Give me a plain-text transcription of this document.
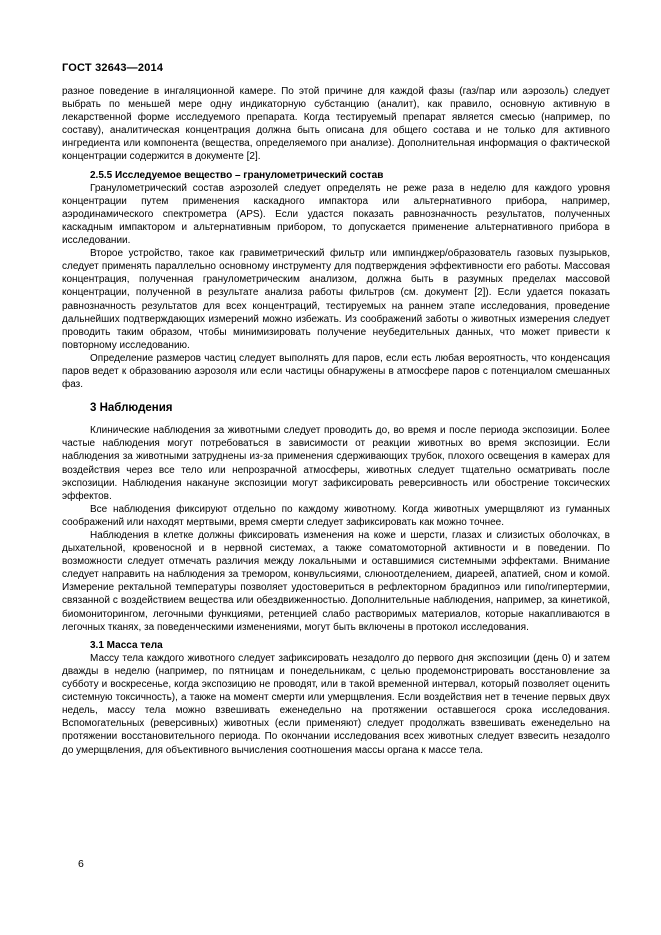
ГОСТ 32643—2014

разное поведение в ингаляционной камере. По этой причине для каждой фазы (газ/пар или аэрозоль) следует выбрать по меньшей мере одну индикаторную субстанцию (аналит), как правило, основную активную в лекарственной форме исследуемого препарата. Когда тестируемый препарат является смесью (например, по составу), аналитическая концентрация должна быть описана для общего состава и не только для активного ингредиента или компонента (вещества, определяемого при анализе). Дополнительная информация о фактической концентрации содержится в документе [2].

2.5.5 Исследуемое вещество – гранулометрический состав

Гранулометрический состав аэрозолей следует определять не реже раза в неделю для каждого уровня концентрации путем применения каскадного импактора или альтернативного прибора, например, аэродинамического спектрометра (APS). Если удастся показать равнозначность результатов, полученных каскадным импактором и альтернативным прибором, то допускается применение альтернативного прибора в исследовании.

Второе устройство, такое как гравиметрический фильтр или импинджер/образователь газовых пузырьков, следует применять параллельно основному инструменту для подтверждения эффективности его работы. Массовая концентрация, полученная гранулометрическим анализом, должна быть в разумных пределах массовой концентрации, полученной в результате анализа работы фильтров (см. документ [2]). Если удается показать равнозначность результатов для всех концентраций, тестируемых на раннем этапе исследования, проведение дальнейших подтверждающих измерений можно избежать. Из соображений заботы о животных измерения следует проводить таким образом, чтобы минимизировать получение неубедительных данных, что может привести к повторному исследованию.

Определение размеров частиц следует выполнять для паров, если есть любая вероятность, что конденсация паров ведет к образованию аэрозоля или если частицы обнаружены в атмосфере паров с потенциалом смешанных фаз.

3 Наблюдения

Клинические наблюдения за животными следует проводить до, во время и после периода экспозиции. Более частые наблюдения могут потребоваться в зависимости от реакции животных во время экспозиции. Если наблюдения за животными затруднены из-за применения сдерживающих трубок, плохого освещения в камерах для воздействия через все тело или непрозрачной атмосферы, животных следует тщательно осматривать после экспозиции. Наблюдения накануне экспозиции могут зафиксировать реверсивность или обострение токсических эффектов.

Все наблюдения фиксируют отдельно по каждому животному. Когда животных умерщвляют из гуманных соображений или находят мертвыми, время смерти следует зафиксировать как можно точнее.

Наблюдения в клетке должны фиксировать изменения на коже и шерсти, глазах и слизистых оболочках, в дыхательной, кровеносной и в нервной системах, а также соматомоторной активности и в поведении. По возможности следует отмечать различия между локальными и оставшимися системными эффектами. Внимание следует направить на наблюдения за тремором, конвульсиями, слюноотделением, диареей, апатией, сном и комой. Измерение ректальной температуры позволяет удостовериться в рефлекторном брадипноэ или гипо/гипертермии, связанной с воздействием вещества или обездвиженностью. Дополнительные наблюдения, например, за кинетикой, биомониторингом, легочными функциями, ретенцией слабо растворимых материалов, которые накапливаются в легочных тканях, за поведенческими изменениями, могут быть включены в протокол исследования.

3.1 Масса тела

Массу тела каждого животного следует зафиксировать незадолго до первого дня экспозиции (день 0) и затем дважды в неделю (например, по пятницам и понедельникам, с целью продемонстрировать восстановление за субботу и воскресенье, когда экспозицию не проводят, или в такой временной интервал, который позволяет оценить системную токсичность), а также на момент смерти или умерщвления. Если воздействия нет в течение первых двух недель, массу тела можно взвешивать еженедельно на протяжении оставшегося срока исследования. Вспомогательных (реверсивных) животных (если применяют) следует продолжать взвешивать еженедельно на протяжении восстановительного периода. По окончании исследования всех животных следует взвесить незадолго до умерщвления, для объективного вычисления соотношения массы органа к массе тела.

6
